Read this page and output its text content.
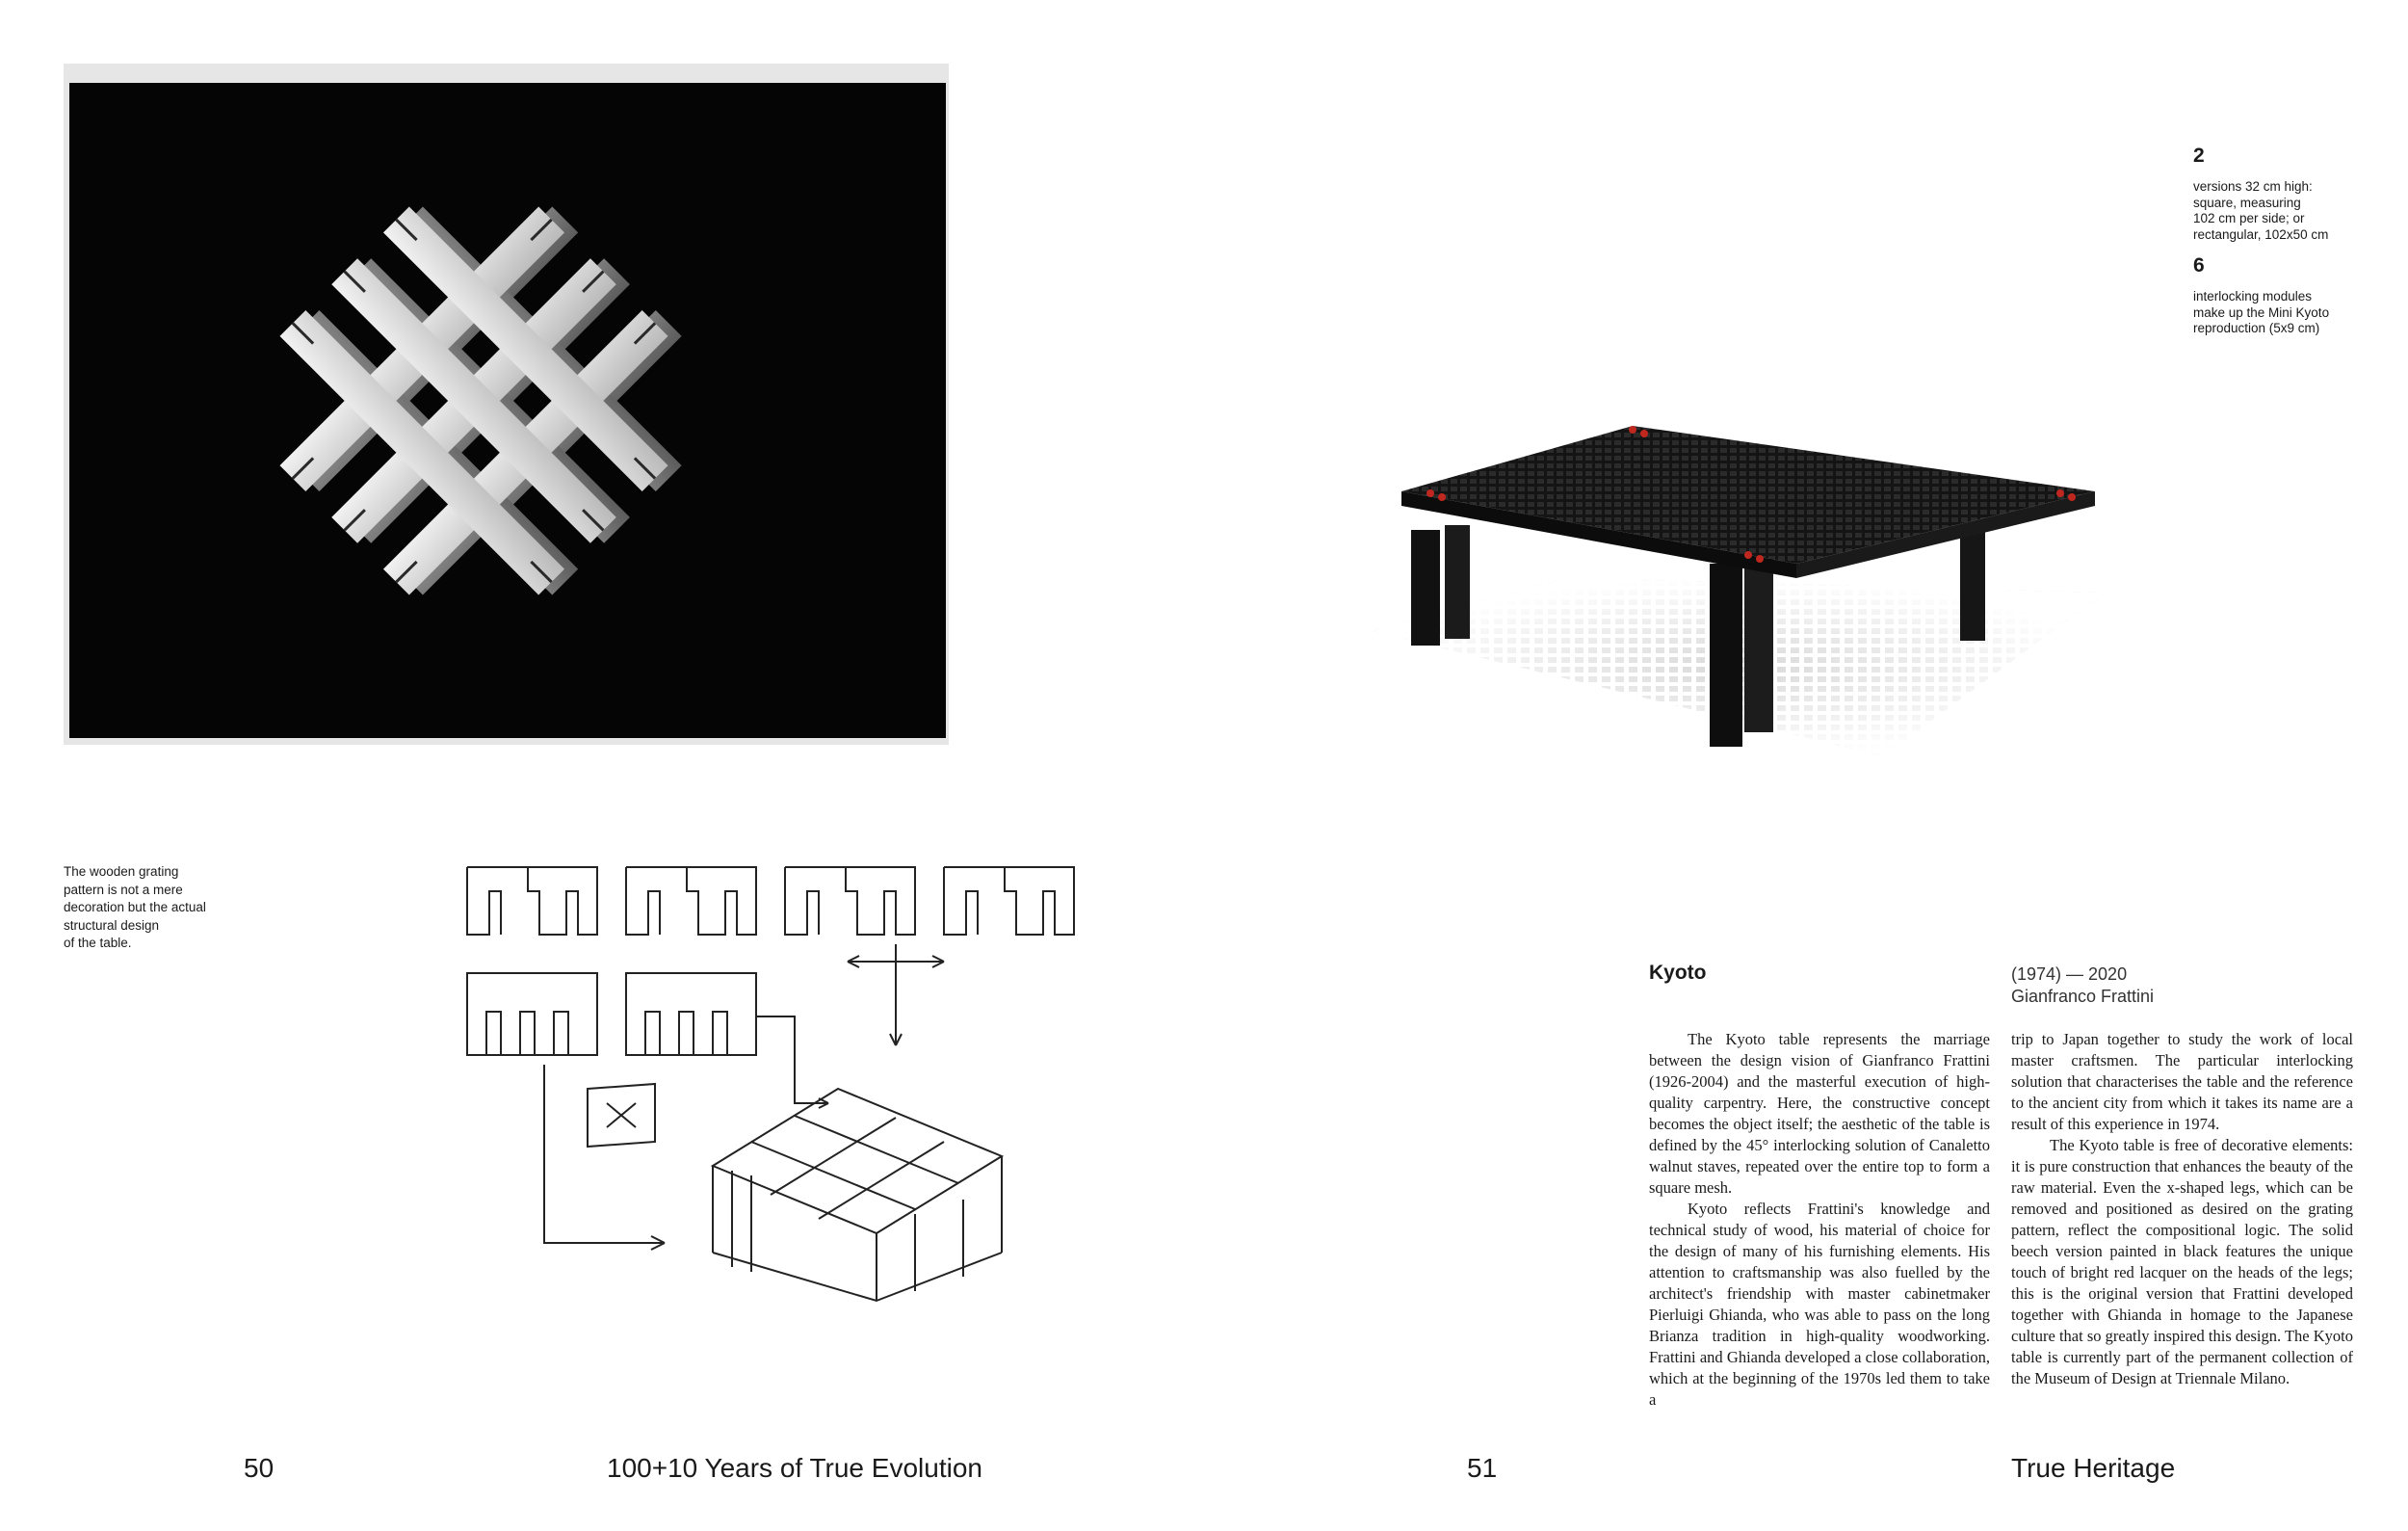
The wooden grating
pattern is not a mere
decoration but the actual
structural design
of the table.
2
versions 32 cm high:
square, measuring
102 cm per side; or
rectangular, 102x50 cm
6
interlocking modules
make up the Mini Kyoto
reproduction (5x9 cm)
Kyoto	(1974) — 2020
Gianfranco Frattini

The Kyoto table represents the marriage between the design vision of Gianfranco Frattini (1926-2004) and the masterful execution of high-quality carpentry. Here, the constructive concept becomes the object itself; the aesthetic of the table is defined by the 45° interlocking solution of Canaletto walnut staves, repeated over the entire top to form a square mesh.

Kyoto reflects Frattini's knowledge and technical study of wood, his material of choice for the design of many of his furnishing elements. His attention to craftsmanship was also fuelled by the architect's friendship with master cabinetmaker Pierluigi Ghianda, who was able to pass on the long Brianza tradition in high-quality woodworking. Frattini and Ghianda developed a close collaboration, which at the beginning of the 1970s led them to take a

trip to Japan together to study the work of local master craftsmen. The particular interlocking solution that characterises the table and the reference to the ancient city from which it takes its name are a result of this experience in 1974.

The Kyoto table is free of decorative elements: it is pure construction that enhances the beauty of the raw material. Even the x-shaped legs, which can be removed and positioned as desired on the grating pattern, reflect the compositional logic. The solid beech version painted in black features the unique touch of bright red lacquer on the heads of the legs; this is the original version that Frattini developed together with Ghianda in homage to the Japanese culture that so greatly inspired this design. The Kyoto table is currently part of the permanent collection of the Museum of Design at Triennale Milano.

50	100+10 Years of True Evolution	51	True Heritage
